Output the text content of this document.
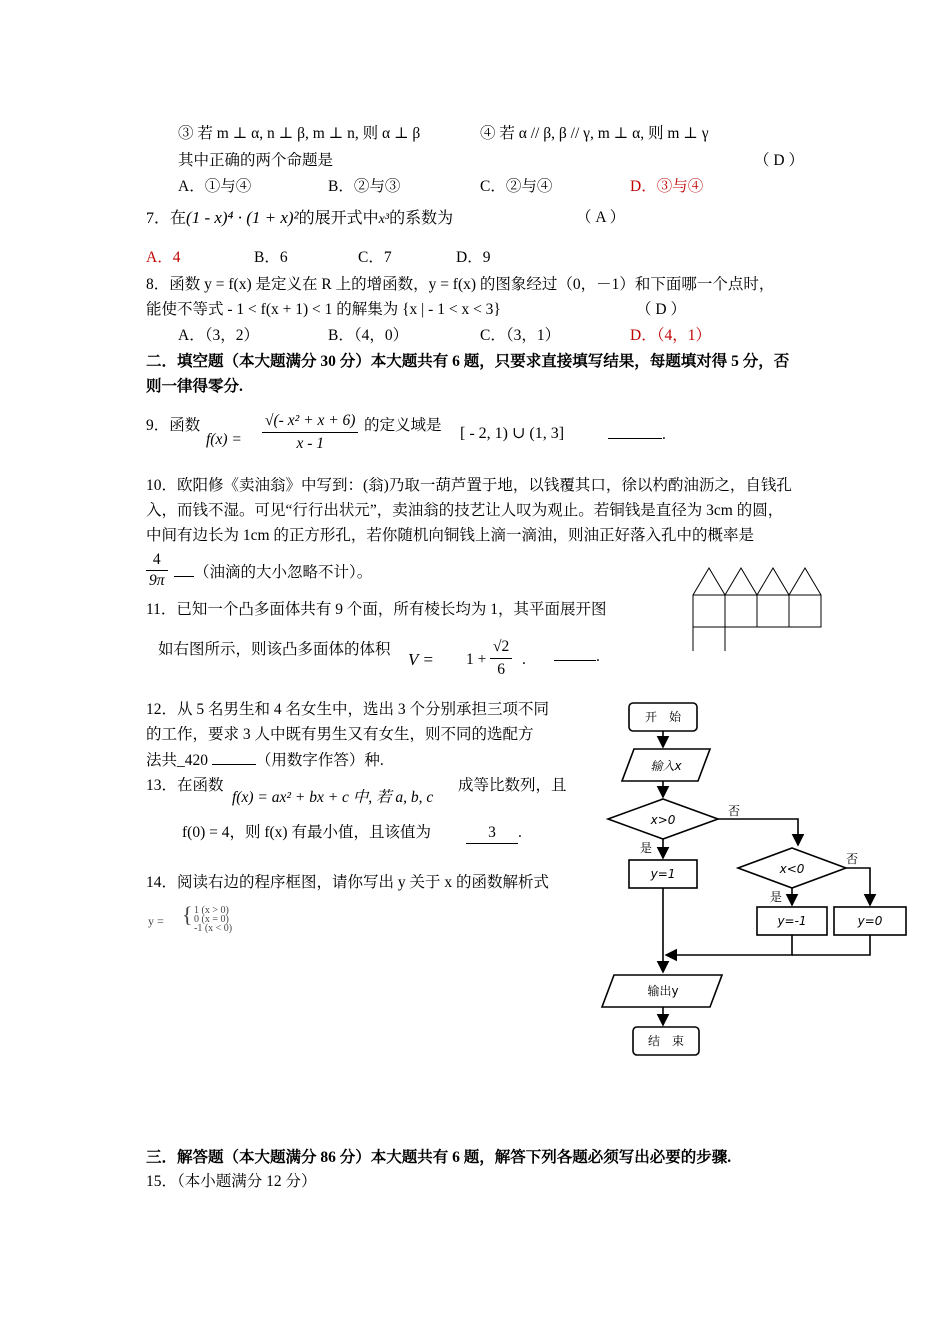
③ 若 m ⊥ α, n ⊥ β, m ⊥ n, 则 α ⊥ β	④ 若 α // β, β // γ, m ⊥ α, 则 m ⊥ γ
其中正确的两个命题是	（ D ）
A．①与④	B．②与③	C．②与④	D．③与④
7．在(1 - x)⁴ · (1 + x)²的展开式中x³的系数为	（ A ）
A．4	B．6	C．7	D．9
8．函数 y = f(x) 是定义在 R 上的增函数，y = f(x) 的图象经过（0，－1）和下面哪一个点时，
能使不等式 - 1 < f(x + 1) < 1 的解集为 {x | - 1 < x < 3}	（ D ）
A．（3，2）	B．（4，0）	C．（3，1）	D．（4，1）
二．填空题（本大题满分 30 分）本大题共有 6 题，只要求直接填写结果，每题填对得 5 分，否
则一律得零分.
9．函数
$f(x) = \frac{\text{√(- x² + x + 6)}}{x - 1}$ 的定义域是 [ - 2, 1) ∪ (1, 3]	.
10．欧阳修《卖油翁》中写到：(翁)乃取一葫芦置于地，以钱覆其口，徐以杓酌油沥之，自钱孔
入，而钱不湿。可见“行行出状元”，卖油翁的技艺让人叹为观止。若铜钱是直径为 3cm 的圆，
中间有边长为 1cm 的正方形孔，若你随机向铜钱上滴一滴油，则油正好落入孔中的概率是
$\frac{4}{9\pi}$	（油滴的大小忽略不计）。
11．已知一个凸多面体共有 9 个面，所有棱长均为 1，其平面展开图
如右图所示，则该凸多面体的体积
$V = 1 + \frac{√2}{6}$ .	.
12．从 5 名男生和 4 名女生中，选出 3 个分别承担三项不同
的工作，要求 3 人中既有男生又有女生，则不同的选配方
法共_420	（用数字作答）种.
13．在函数
f(x) = ax² + bx + c 中, 若 a, b, c
成等比数列，且
f(0) = 4，则 f(x) 有最小值，且该值为	3 .
14．阅读右边的程序框图，请你写出 y 关于 x 的函数解析式
y = { 1 (x > 0)
0 (x = 0)
-1 (x < 0)
开　始
输入x
x>0
是
否
y=1	x<0
是
否
y=-1	y=0
输出y
结　束
三．解答题（本大题满分 86 分）本大题共有 6 题，解答下列各题必须写出必要的步骤.
15．（本小题满分 12 分）
